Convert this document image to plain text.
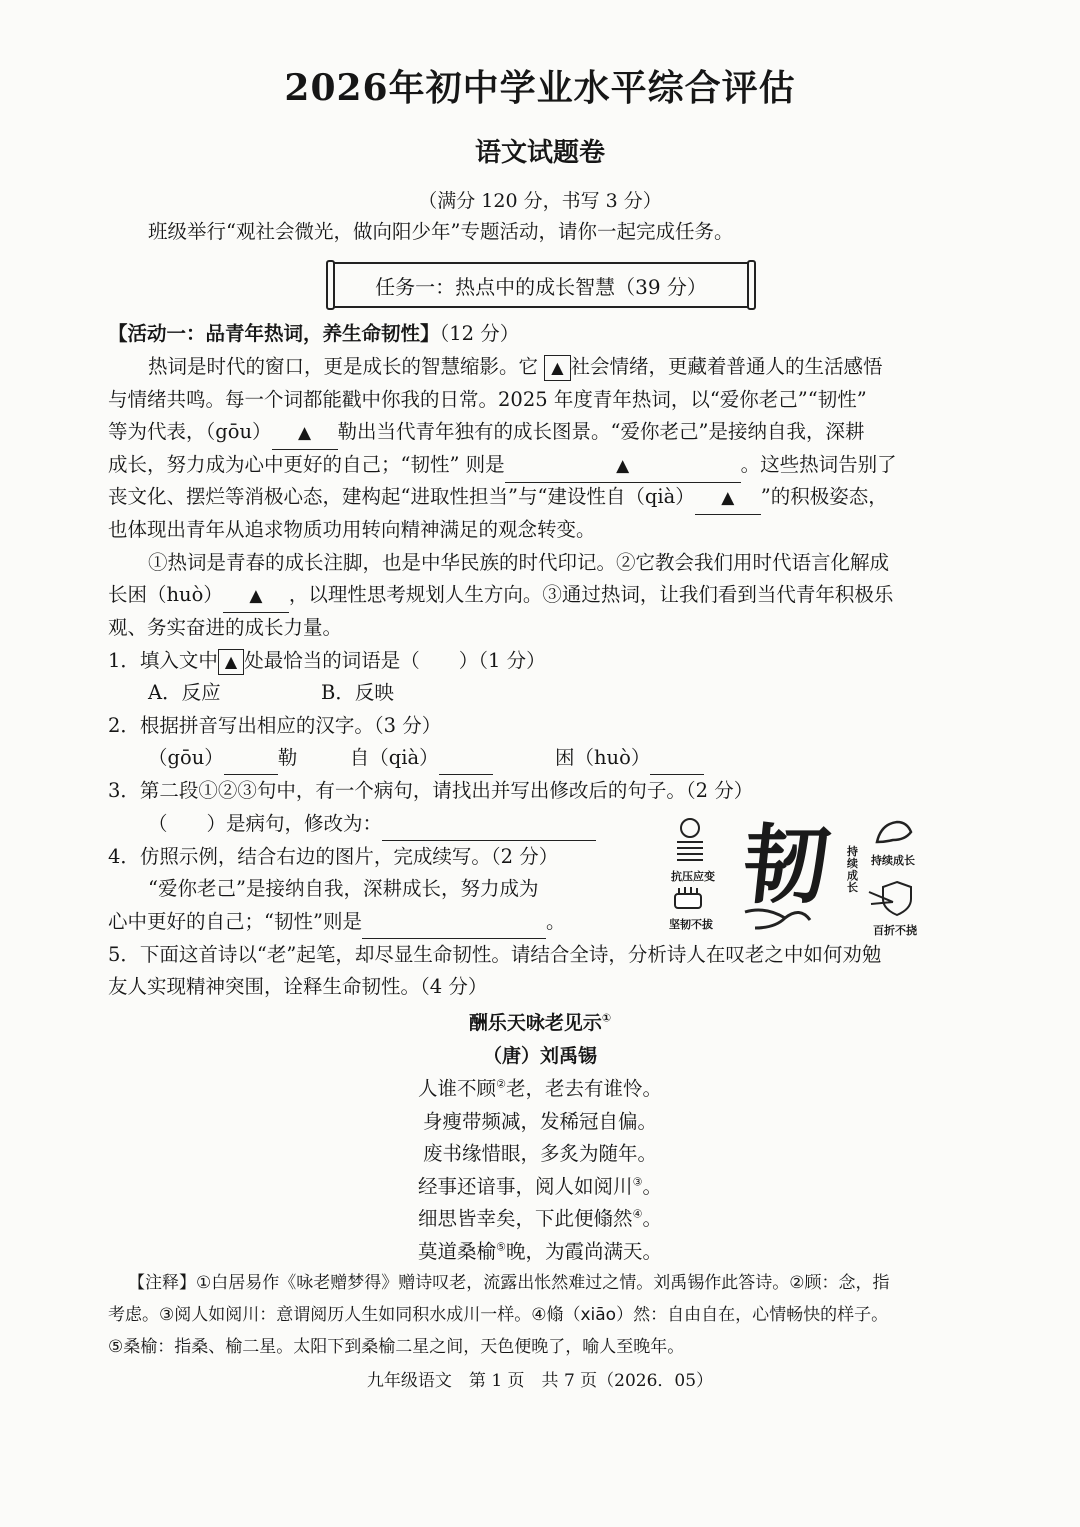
2026年初中学业水平综合评估
语文试题卷
（满分 120 分，书写 3 分）
班级举行“观社会微光，做向阳少年”专题活动，请你一起完成任务。
任务一：热点中的成长智慧（39 分）
【活动一：品青年热词，养生命韧性】（12 分）
热词是时代的窗口，更是成长的智慧缩影。它 ▲ 社会情绪，更藏着普通人的生活感悟
与情绪共鸣。每一个词都能戳中你我的日常。2025 年度青年热词，以“爱你老己”“韧性”
等为代表，（gōu） ▲ 勒出当代青年独有的成长图景。“爱你老己”是接纳自我，深耕
成长，努力成为心中更好的自己；“韧性” 则是	▲	。这些热词告别了
丧文化、摆烂等消极心态，建构起“进取性担当”与“建设性自（qià） ▲ ”的积极姿态，
也体现出青年从追求物质功用转向精神满足的观念转变。
①热词是青春的成长注脚，也是中华民族的时代印记。②它教会我们用时代语言化解成
长困（huò） ▲ ，以理性思考规划人生方向。③通过热词，让我们看到当代青年积极乐
观、务实奋进的成长力量。
1．填入文中 ▲ 处最恰当的词语是（　　）（1 分）
A．反应	B．反映
2．根据拼音写出相应的汉字。（3 分）
（gōu）	勒	自（qià）	困（huò）
3．第二段①②③句中，有一个病句，请找出并写出修改后的句子。（2 分）
（　　）是病句，修改为：
4．仿照示例，结合右边的图片，完成续写。（2 分）
“爱你老己”是接纳自我，深耕成长，努力成为
心中更好的自己；“韧性”则是	。
抗压应变
坚韧不拔
持续成长
百折不挠
韧 持续成长
5．下面这首诗以“老”起笔，却尽显生命韧性。请结合全诗，分析诗人在叹老之中如何劝勉
友人实现精神突围，诠释生命韧性。（4 分）
酬乐天咏老见示①
（唐）刘禹锡
人谁不顾②老，老去有谁怜。
身瘦带频减，发稀冠自偏。
废书缘惜眼，多炙为随年。
经事还谙事，阅人如阅川③。
细思皆幸矣，下此便翛然④。
莫道桑榆⑤晚，为霞尚满天。
【注释】①白居易作《咏老赠梦得》赠诗叹老，流露出怅然难过之情。刘禹锡作此答诗。②顾：念，指
考虑。③阅人如阅川：意谓阅历人生如同积水成川一样。④翛（xiāo）然：自由自在，心情畅快的样子。
⑤桑榆：指桑、榆二星。太阳下到桑榆二星之间，天色便晚了，喻人至晚年。
九年级语文　第 1 页　共 7 页（2026．05）
